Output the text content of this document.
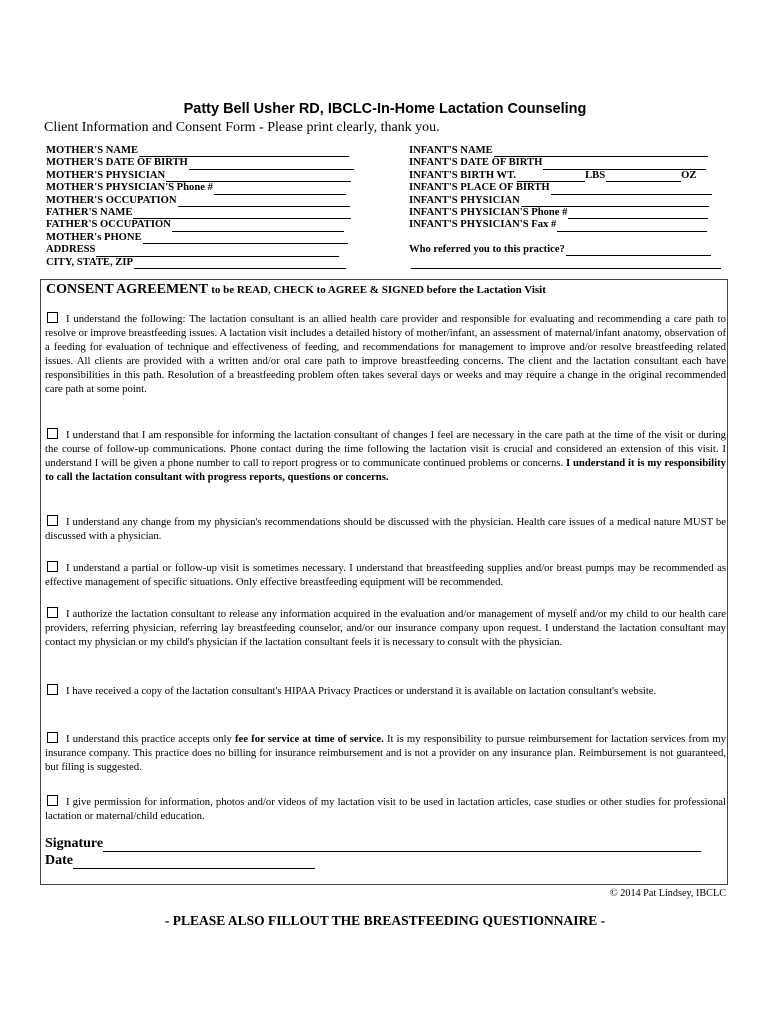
Patty Bell Usher RD, IBCLC-In-Home Lactation Counseling
Client Information and Consent Form - Please print clearly, thank you.
MOTHER'S NAME
MOTHER'S DATE OF BIRTH
MOTHER'S PHYSICIAN
MOTHER'S PHYSICIAN'S Phone #
MOTHER'S OCCUPATION
FATHER'S NAME
FATHER'S OCCUPATION
MOTHER's PHONE
ADDRESS
CITY, STATE, ZIP
INFANT'S NAME
INFANT'S DATE OF BIRTH
INFANT'S BIRTH WT.	LBS	OZ
INFANT'S PLACE OF BIRTH
INFANT'S PHYSICIAN
INFANT'S PHYSICIAN'S Phone #
INFANT'S PHYSICIAN'S Fax #
Who referred you to this practice?
CONSENT AGREEMENT to be READ, CHECK to AGREE & SIGNED before the Lactation Visit
I understand the following: The lactation consultant is an allied health care provider and responsible for evaluating and recommending a care path to resolve or improve breastfeeding issues. A lactation visit includes a detailed history of mother/infant, an assessment of maternal/infant anatomy, observation of a feeding for evaluation of technique and effectiveness of feeding, and recommendations for management to improve and/or resolve breastfeeding related issues. All clients are provided with a written and/or oral care path to improve breastfeeding concerns. The client and the lactation consultant each have responsibilities in this path. Resolution of a breastfeeding problem often takes several days or weeks and may require a change in the original recommended care path at some point.
I understand that I am responsible for informing the lactation consultant of changes I feel are necessary in the care path at the time of the visit or during the course of follow-up communications. Phone contact during the time following the lactation visit is crucial and considered an extension of this visit. I understand I will be given a phone number to call to report progress or to communicate continued problems or concerns. I understand it is my responsibility to call the lactation consultant with progress reports, questions or concerns.
I understand any change from my physician's recommendations should be discussed with the physician. Health care issues of a medical nature MUST be discussed with a physician.
I understand a partial or follow-up visit is sometimes necessary. I understand that breastfeeding supplies and/or breast pumps may be recommended as effective management of specific situations. Only effective breastfeeding equipment will be recommended.
I authorize the lactation consultant to release any information acquired in the evaluation and/or management of myself and/or my child to our health care providers, referring physician, referring lay breastfeeding counselor, and/or our insurance company upon request. I understand the lactation consultant may contact my physician or my child's physician if the lactation consultant feels it is necessary to consult with the physician.
I have received a copy of the lactation consultant's HIPAA Privacy Practices or understand it is available on lactation consultant's website.
I understand this practice accepts only fee for service at time of service. It is my responsibility to pursue reimbursement for lactation services from my insurance company. This practice does no billing for insurance reimbursement and is not a provider on any insurance plan. Reimbursement is not guaranteed, but filing is suggested.
I give permission for information, photos and/or videos of my lactation visit to be used in lactation articles, case studies or other studies for professional lactation or maternal/child education.
Signature
Date
© 2014 Pat Lindsey, IBCLC
- PLEASE ALSO FILLOUT THE BREASTFEEDING QUESTIONNAIRE -
